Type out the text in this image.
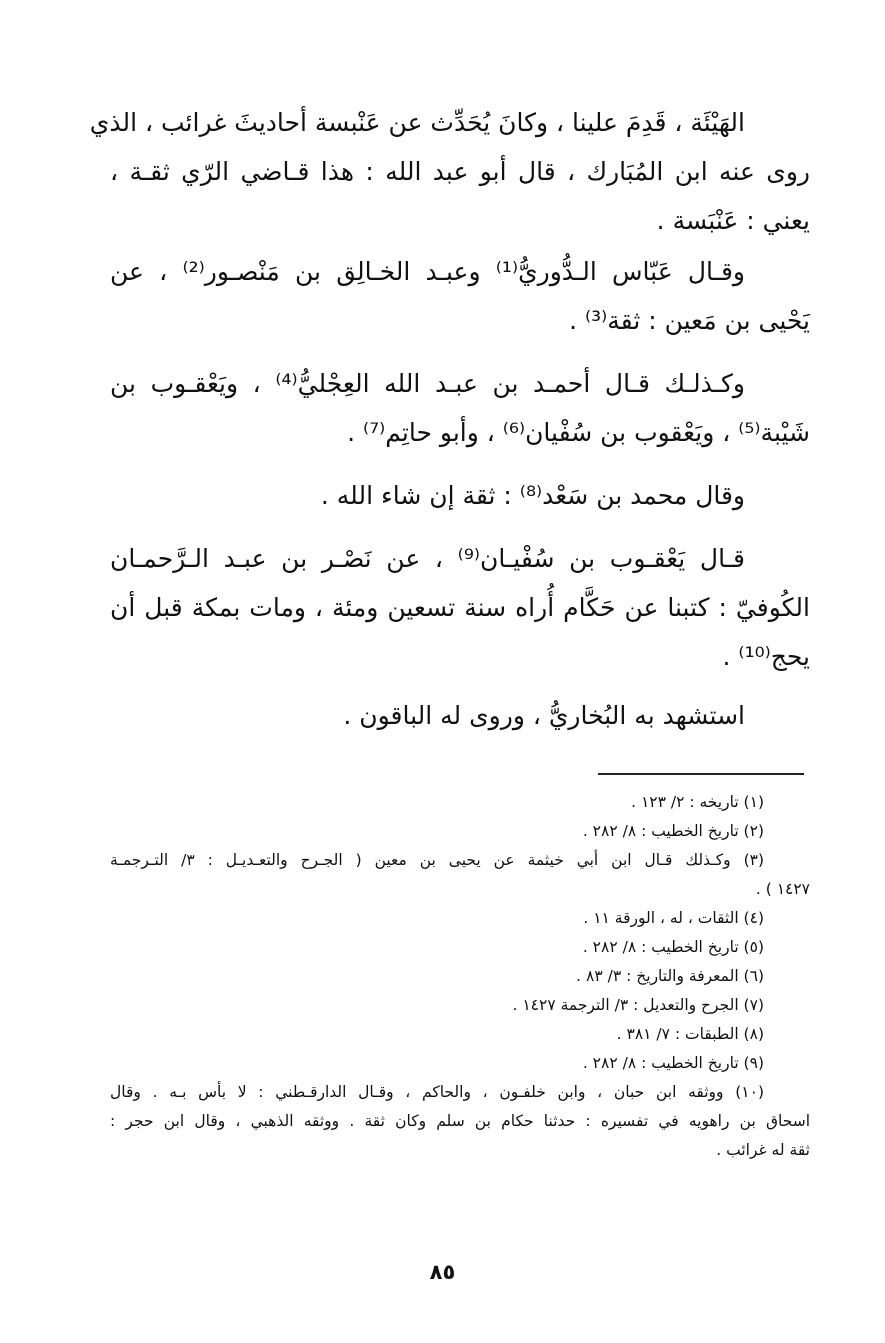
الهَيْئَة ، قَدِمَ علينا ، وكانَ يُحَدِّث عن عَنْبسة أحاديثَ غرائب ، الذي
روى عنه ابن المُبَارك ، قال أبو عبد الله : هذا قـاضي الرّي ثقـة ،
يعني : عَنْبَسة .

وقـال عَبّاس الـدُّوريُّ⁽¹⁾ وعبـد الخـالِق بن مَنْصـور⁽²⁾ ، عن
يَحْيى بن مَعين : ثقة⁽³⁾ .

وكـذلـك قـال أحمـد بن عبـد الله العِجْليُّ⁽⁴⁾ ، ويَعْقـوب بن
شَيْبة⁽⁵⁾ ، ويَعْقوب بن سُفْيان⁽⁶⁾ ، وأبو حاتِم⁽⁷⁾ .

وقال محمد بن سَعْد⁽⁸⁾ : ثقة إن شاء الله .

قـال يَعْقـوب بن سُفْيـان⁽⁹⁾ ، عن نَصْـر بن عبـد الـرَّحمـان
الكُوفيّ : كتبنا عن حَكَّام أُراه سنة تسعين ومئة ، ومات بمكة قبل أن
يحج⁽¹⁰⁾ .

استشهد به البُخاريُّ ، وروى له الباقون .

(١) تاريخه : ٢/ ١٢٣ .

(٢) تاريخ الخطيب : ٨/ ٢٨٢ .

(٣) وكـذلك قـال ابن أبي خيثمة عن يحيى بن معين ( الجـرح والتعـديـل : ٣/ التـرجمـة
١٤٢٧ ) .

(٤) الثقات ، له ، الورقة ١١ .

(٥) تاريخ الخطيب : ٨/ ٢٨٢ .

(٦) المعرفة والتاريخ : ٣/ ٨٣ .

(٧) الجرح والتعديل : ٣/ الترجمة ١٤٢٧ .

(٨) الطبقات : ٧/ ٣٨١ .

(٩) تاريخ الخطيب : ٨/ ٢٨٢ .

(١٠) ووثقه ابن حبان ، وابن خلفـون ، والحاكم ، وقـال الدارقـطني : لا بأس بـه . وقال
اسحاق بن راهويه في تفسيره : حدثنا حكام بن سلم وكان ثقة . ووثقه الذهبي ، وقال ابن حجر :
ثقة له غرائب .

٨٥
